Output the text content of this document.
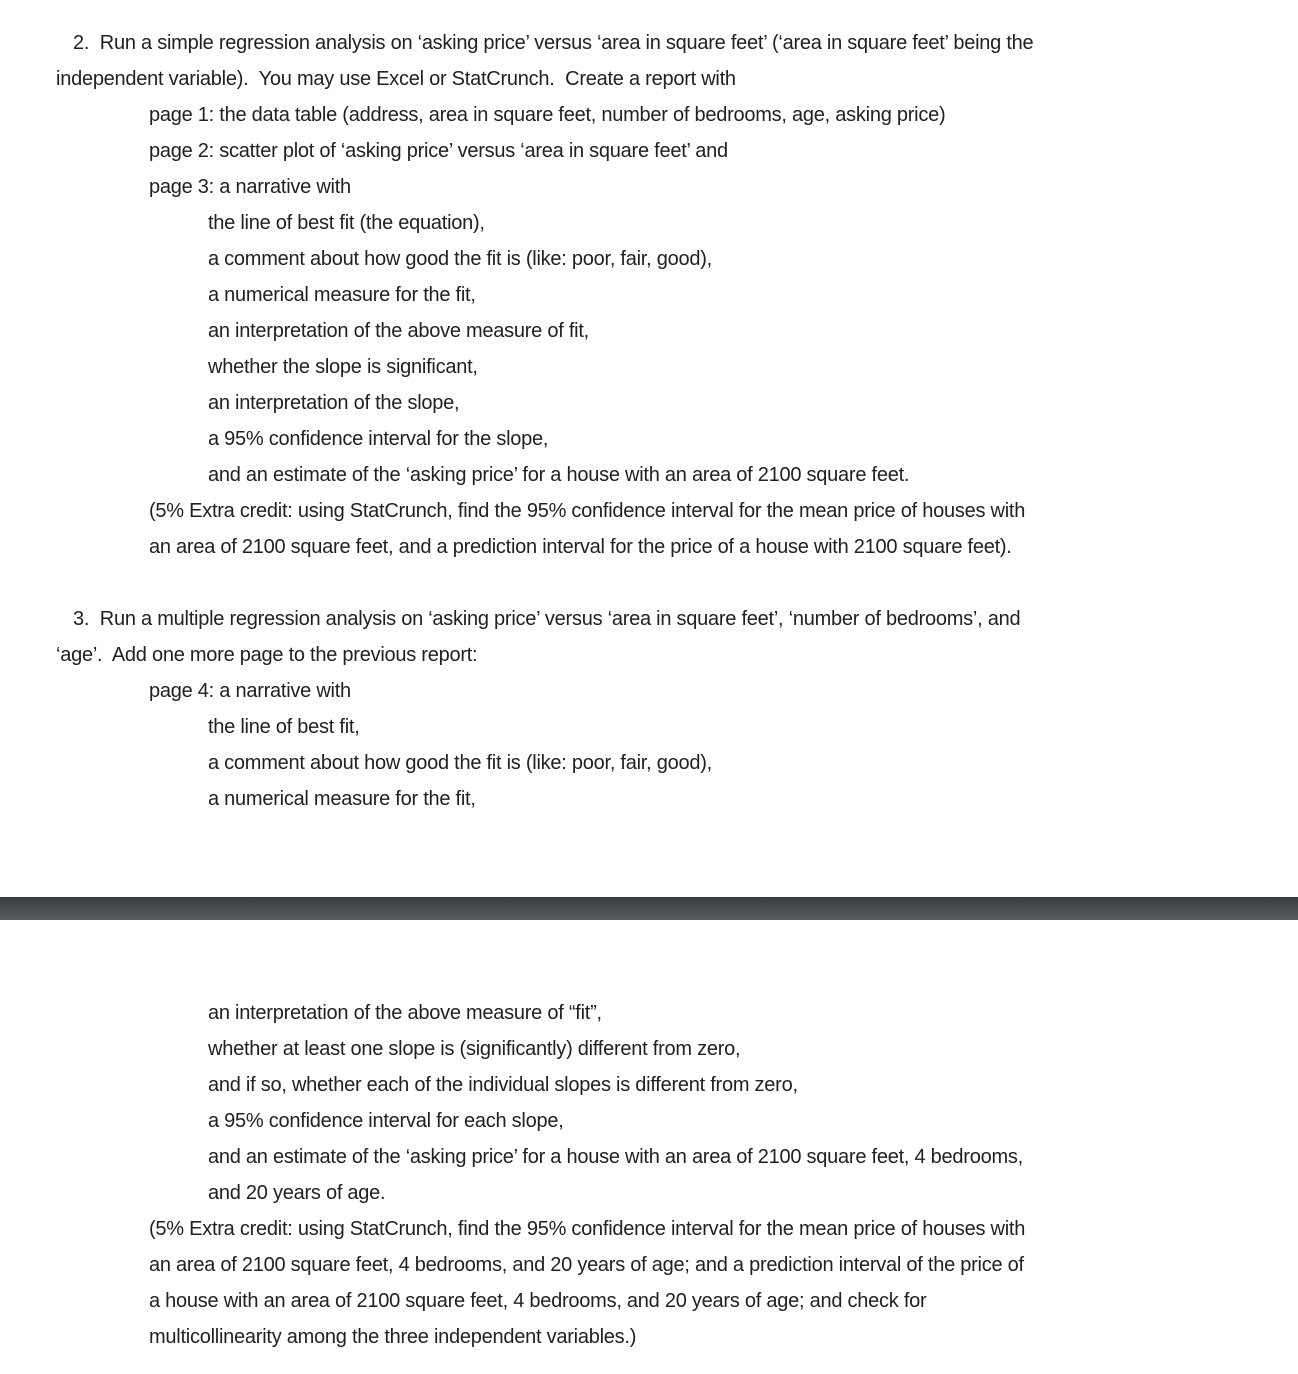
2.  Run a simple regression analysis on ‘asking price’ versus ‘area in square feet’ (‘area in square feet’ being the
independent variable).  You may use Excel or StatCrunch.  Create a report with
page 1: the data table (address, area in square feet, number of bedrooms, age, asking price)
page 2: scatter plot of ‘asking price’ versus ‘area in square feet’ and
page 3: a narrative with
the line of best fit (the equation),
a comment about how good the fit is (like: poor, fair, good),
a numerical measure for the fit,
an interpretation of the above measure of fit,
whether the slope is significant,
an interpretation of the slope,
a 95% confidence interval for the slope,
and an estimate of the ‘asking price’ for a house with an area of 2100 square feet.
(5% Extra credit: using StatCrunch, find the 95% confidence interval for the mean price of houses with
an area of 2100 square feet, and a prediction interval for the price of a house with 2100 square feet).
3.  Run a multiple regression analysis on ‘asking price’ versus ‘area in square feet’, ‘number of bedrooms’, and
‘age’.  Add one more page to the previous report:
page 4: a narrative with
the line of best fit,
a comment about how good the fit is (like: poor, fair, good),
a numerical measure for the fit,
an interpretation of the above measure of “fit”,
whether at least one slope is (significantly) different from zero,
and if so, whether each of the individual slopes is different from zero,
a 95% confidence interval for each slope,
and an estimate of the ‘asking price’ for a house with an area of 2100 square feet, 4 bedrooms,
and 20 years of age.
(5% Extra credit: using StatCrunch, find the 95% confidence interval for the mean price of houses with
an area of 2100 square feet, 4 bedrooms, and 20 years of age; and a prediction interval of the price of
a house with an area of 2100 square feet, 4 bedrooms, and 20 years of age; and check for
multicollinearity among the three independent variables.)
